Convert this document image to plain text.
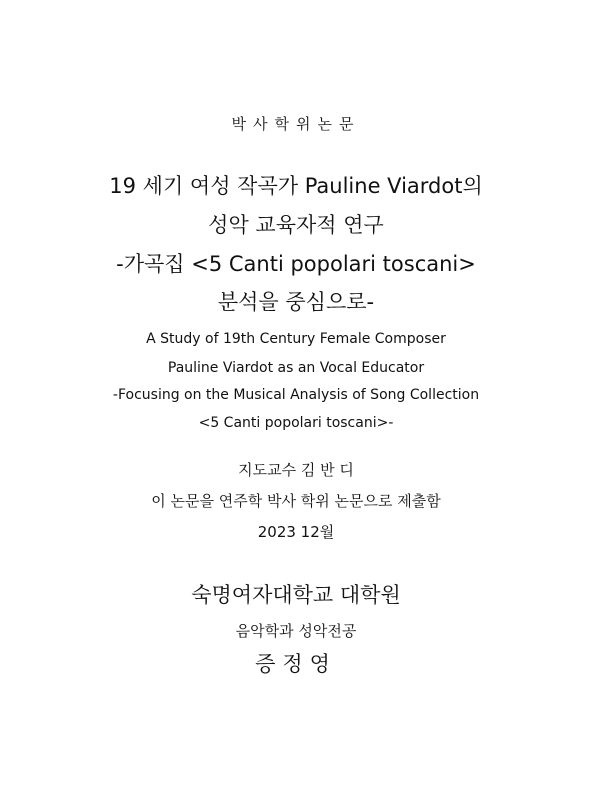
박사학위논문
19 세기 여성 작곡가 Pauline Viardot의
성악 교육자적 연구
-가곡집 <5 Canti popolari toscani>
분석을 중심으로-
A Study of 19th Century Female Composer
Pauline Viardot as an Vocal Educator
-Focusing on the Musical Analysis of Song Collection
<5 Canti popolari toscani>-
지도교수 김 반 디
이 논문을 연주학 박사 학위 논문으로 제출함
2023 12월
숙명여자대학교 대학원
음악학과 성악전공
증정영
